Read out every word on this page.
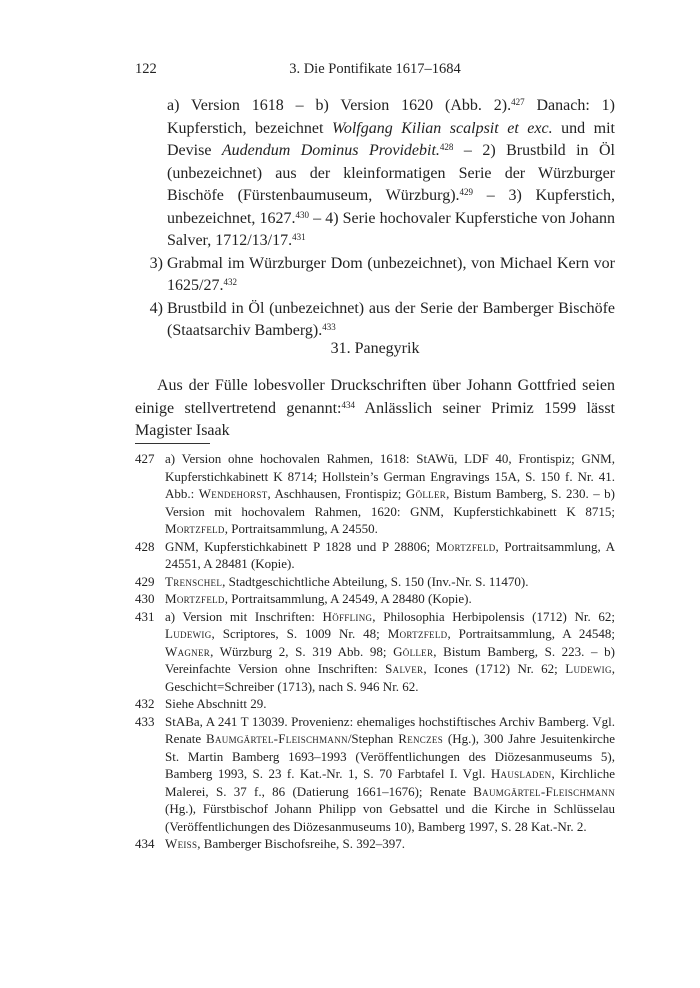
122	3. Die Pontifikate 1617–1684
a) Version 1618 – b) Version 1620 (Abb. 2).$^{427}$ Danach: 1) Kupferstich, bezeichnet Wolfgang Kilian scalpsit et exc. und mit Devise Audendum Dominus Providebit.$^{428}$ – 2) Brustbild in Öl (unbezeichnet) aus der kleinformatigen Serie der Würzburger Bischöfe (Fürstenbaumuseum, Würzburg).$^{429}$ – 3) Kupferstich, unbezeichnet, 1627.$^{430}$ – 4) Serie hochovaler Kupferstiche von Johann Salver, 1712/13/17.$^{431}$
3) Grabmal im Würzburger Dom (unbezeichnet), von Michael Kern vor 1625/27.$^{432}$
4) Brustbild in Öl (unbezeichnet) aus der Serie der Bamberger Bischöfe (Staatsarchiv Bamberg).$^{433}$
31. Panegyrik
Aus der Fülle lobesvoller Druckschriften über Johann Gottfried seien einige stellvertretend genannt:$^{434}$ Anlässlich seiner Primiz 1599 lässt Magister Isaak
427 a) Version ohne hochovalen Rahmen, 1618: StAWü, LDF 40, Frontispiz; GNM, Kupferstichkabinett K 8714; Hollstein’s German Engravings 15A, S. 150 f. Nr. 41. Abb.: Wendehorst, Aschhausen, Frontispiz; Göller, Bistum Bamberg, S. 230. – b) Version mit hochovalem Rahmen, 1620: GNM, Kupferstichkabinett K 8715; Mortzfeld, Portraitsammlung, A 24550.
428 GNM, Kupferstichkabinett P 1828 und P 28806; Mortzfeld, Portraitsammlung, A 24551, A 28481 (Kopie).
429 Trenschel, Stadtgeschichtliche Abteilung, S. 150 (Inv.-Nr. S. 11470).
430 Mortzfeld, Portraitsammlung, A 24549, A 28480 (Kopie).
431 a) Version mit Inschriften: Höffling, Philosophia Herbipolensis (1712) Nr. 62; Ludewig, Scriptores, S. 1009 Nr. 48; Mortzfeld, Portraitsammlung, A 24548; Wagner, Würzburg 2, S. 319 Abb. 98; Göller, Bistum Bamberg, S. 223. – b) Vereinfachte Version ohne Inschriften: Salver, Icones (1712) Nr. 62; Ludewig, Geschicht=Schreiber (1713), nach S. 946 Nr. 62.
432 Siehe Abschnitt 29.
433 StABa, A 241 T 13039. Provenienz: ehemaliges hochstiftisches Archiv Bamberg. Vgl. Renate Baumgärtel-Fleischmann/Stephan Renczes (Hg.), 300 Jahre Jesuitenkirche St. Martin Bamberg 1693–1993 (Veröffentlichungen des Diözesanmuseums 5), Bamberg 1993, S. 23 f. Kat.-Nr. 1, S. 70 Farbtafel I. Vgl. Hausladen, Kirchliche Malerei, S. 37 f., 86 (Datierung 1661–1676); Renate Baumgärtel-Fleischmann (Hg.), Fürstbischof Johann Philipp von Gebsattel und die Kirche in Schlüsselau (Veröffentlichungen des Diözesanmuseums 10), Bamberg 1997, S. 28 Kat.-Nr. 2.
434 Weiss, Bamberger Bischofsreihe, S. 392–397.
